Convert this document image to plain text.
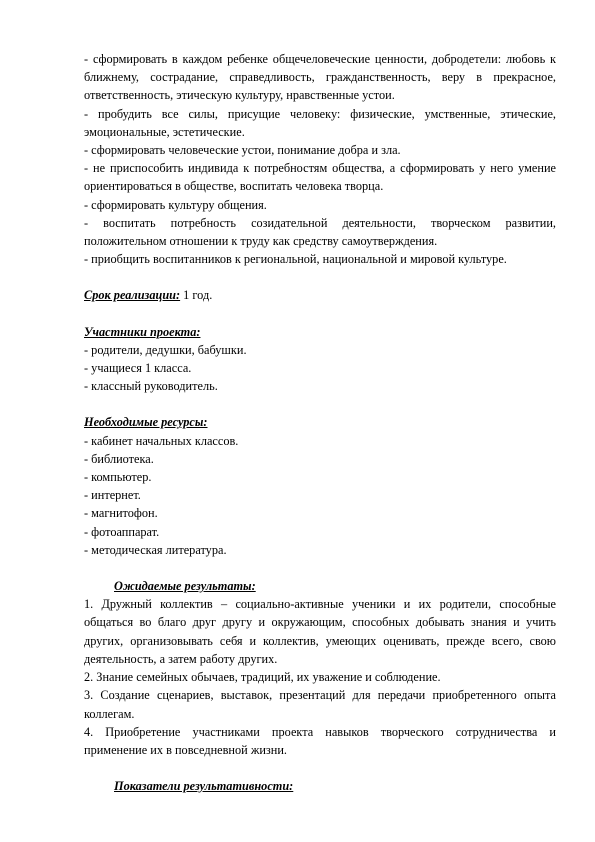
- сформировать в каждом ребенке общечеловеческие ценности, добродетели: любовь к ближнему, сострадание, справедливость, гражданственность, веру в прекрасное, ответственность, этическую культуру, нравственные устои.

- пробудить все силы, присущие человеку: физические, умственные, этические, эмоциональные, эстетические.

- сформировать человеческие устои, понимание добра и зла.

- не приспособить индивида к потребностям общества, а сформировать у него умение ориентироваться в обществе, воспитать человека творца.

- сформировать культуру общения.

- воспитать потребность созидательной деятельности, творческом развитии, положительном отношении к труду как средству самоутверждения.

- приобщить воспитанников к региональной, национальной и мировой культуре.

Срок реализации: 1 год.

Участники проекта:

- родители, дедушки, бабушки.

- учащиеся 1 класса.

- классный руководитель.

Необходимые ресурсы:

- кабинет начальных классов.

- библиотека.

- компьютер.

- интернет.

- магнитофон.

- фотоаппарат.

- методическая литература.

Ожидаемые результаты:

1. Дружный коллектив – социально-активные ученики и их родители, способные общаться во благо друг другу и окружающим, способных добывать знания и учить других, организовывать себя и коллектив, умеющих оценивать, прежде всего, свою деятельность, а затем работу других.

2. Знание семейных обычаев, традиций, их уважение и соблюдение.

3. Создание сценариев, выставок, презентаций для передачи приобретенного опыта коллегам.

4. Приобретение участниками проекта навыков творческого сотрудничества и применение их в повседневной жизни.

Показатели результативности:
